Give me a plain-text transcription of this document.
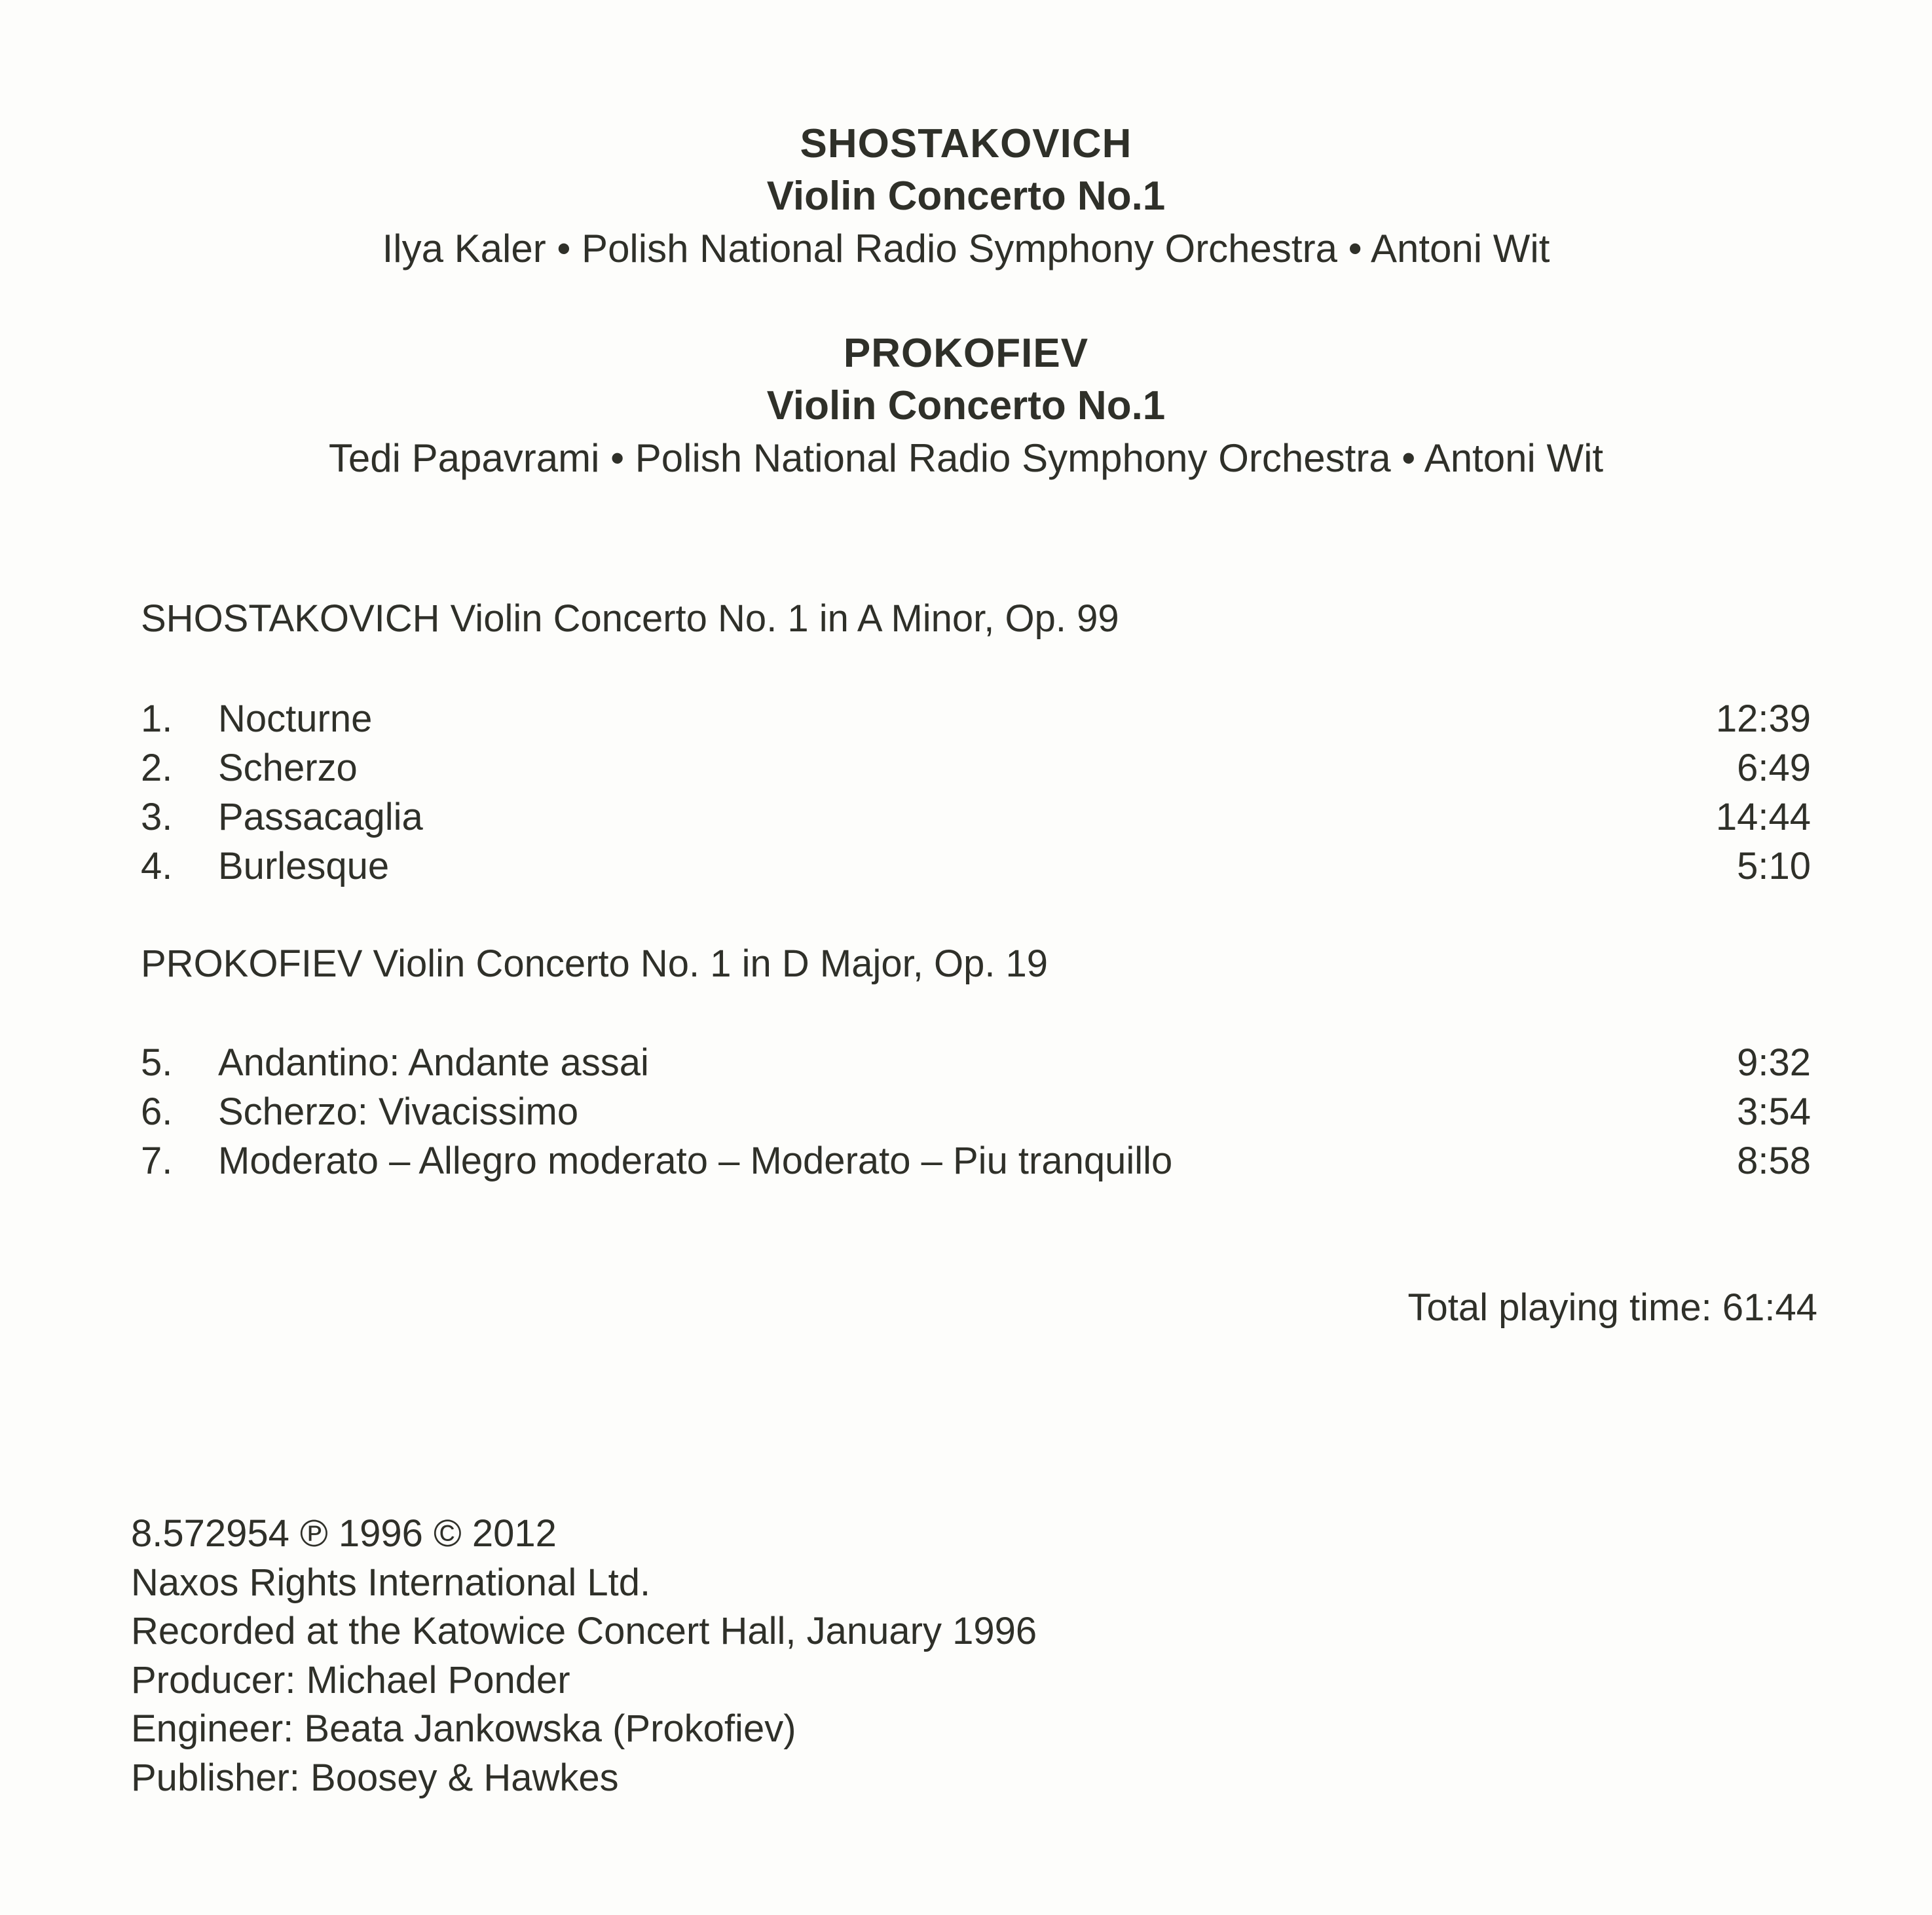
SHOSTAKOVICH
Violin Concerto No.1
Ilya Kaler • Polish National Radio Symphony Orchestra • Antoni Wit
PROKOFIEV
Violin Concerto No.1
Tedi Papavrami • Polish National Radio Symphony Orchestra • Antoni Wit
SHOSTAKOVICH Violin Concerto No. 1 in A Minor, Op. 99
1. Nocturne	12:39
2. Scherzo	6:49
3. Passacaglia	14:44
4. Burlesque	5:10
PROKOFIEV Violin Concerto No. 1 in D Major, Op. 19
5. Andantino: Andante assai	9:32
6. Scherzo: Vivacissimo	3:54
7. Moderato – Allegro moderato – Moderato – Piu tranquillo	8:58
Total playing time: 61:44
8.572954 ℗ 1996 © 2012
Naxos Rights International Ltd.
Recorded at the Katowice Concert Hall, January 1996
Producer: Michael Ponder
Engineer: Beata Jankowska (Prokofiev)
Publisher: Boosey & Hawkes
